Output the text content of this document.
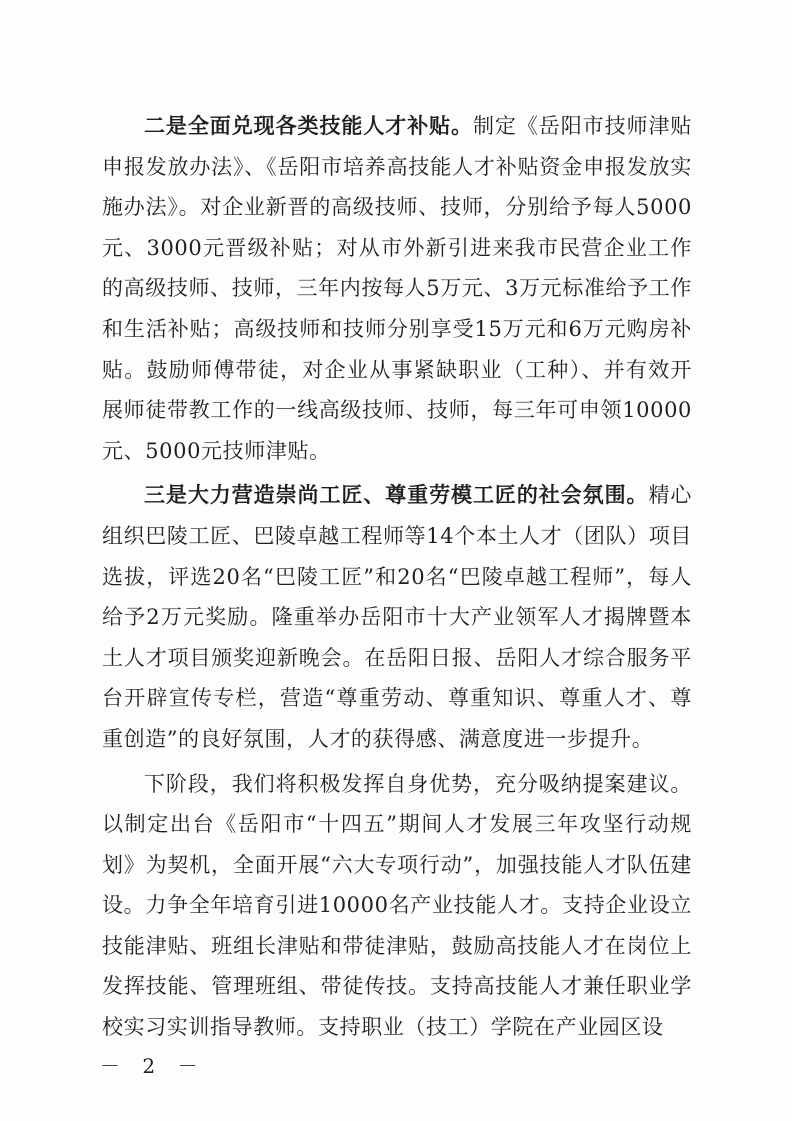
二是全面兑现各类技能人才补贴。制定《岳阳市技师津贴申报发放办法》、《岳阳市培养高技能人才补贴资金申报发放实施办法》。对企业新晋的高级技师、技师，分别给予每人5000元、3000元晋级补贴；对从市外新引进来我市民营企业工作的高级技师、技师，三年内按每人5万元、3万元标准给予工作和生活补贴；高级技师和技师分别享受15万元和6万元购房补贴。鼓励师傅带徒，对企业从事紧缺职业（工种）、并有效开展师徒带教工作的一线高级技师、技师，每三年可申领10000元、5000元技师津贴。

三是大力营造崇尚工匠、尊重劳模工匠的社会氛围。精心组织巴陵工匠、巴陵卓越工程师等14个本土人才（团队）项目选拔，评选20名“巴陵工匠”和20名“巴陵卓越工程师”，每人给予2万元奖励。隆重举办岳阳市十大产业领军人才揭牌暨本土人才项目颁奖迎新晚会。在岳阳日报、岳阳人才综合服务平台开辟宣传专栏，营造“尊重劳动、尊重知识、尊重人才、尊重创造”的良好氛围，人才的获得感、满意度进一步提升。

下阶段，我们将积极发挥自身优势，充分吸纳提案建议。以制定出台《岳阳市“十四五”期间人才发展三年攻坚行动规划》为契机，全面开展“六大专项行动”，加强技能人才队伍建设。力争全年培育引进10000名产业技能人才。支持企业设立技能津贴、班组长津贴和带徒津贴，鼓励高技能人才在岗位上发挥技能、管理班组、带徒传技。支持高技能人才兼任职业学校实习实训指导教师。支持职业（技工）学院在产业园区设

－ 2 －
